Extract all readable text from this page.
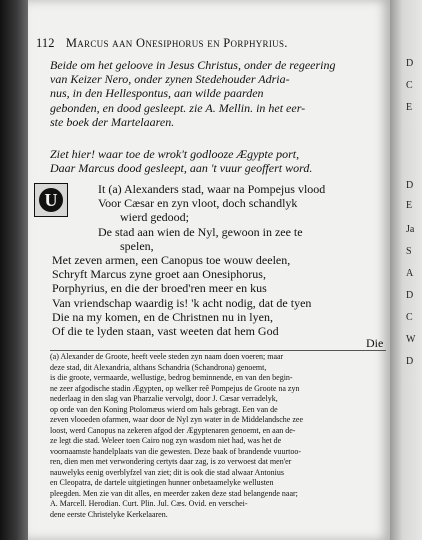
112 Marcus aan Onesiphorus en Porphyrius.
Beide om het geloove in Jesus Christus, onder de regeering
van Keizer Nero, onder zynen Stedehouder Adria-
nus, in den Hellespontus, aan wilde paarden
gebonden, en dood gesleept. zie A. Mellin. in het eer-
ste boek der Martelaaren.
Ziet hier! waar toe de wrok't godlooze Ægypte port,
Daar Marcus dood gesleept, aan 't vuur geoffert word.
It (a) Alexanders stad, waar na Pompejus vlood
Voor Cæsar en zyn vloot, doch schandlyk
wierd gedood;
De stad aan wien de Nyl, gewoon in zee te
spelen,
Met zeven armen, een Canopus toe wouw deelen,
Schryft Marcus zyne groet aan Onesiphorus,
Porphyrius, en die der broed'ren meer en kus
Van vriendschap waardig is! 'k acht nodig, dat de tyen
Die na my komen, en de Christnen nu in lyen,
Of die te lyden staan, vast weeten dat hem God
Die
(a) Alexander de Groote, heeft veele steden zyn naam doen voeren; maar
deze stad, dit Alexandria, althans Schandria (Schandrona) genoemt,
is die groote, vermaarde, wellustige, bedrog beminnende, en van den begin-
ne zeer afgodische stadin Ægypten, op welker reê Pompejus de Groote na zyn
nederlaag in den slag van Pharzalie vervolgt, door J. Cæsar verradelyk,
op orde van den Koning Ptolomæus wierd om hals gebragt. Een van de
zeven vlooeden ofarmen, waar door de Nyl zyn water in de Middelandsche zee
loost, werd Canopus na zekeren afgod der Ægyptenaren genoemt, en aan de-
ze legt die stad. Weleer toen Cairo nog zyn wasdom niet had, was het de
voornaamste handelplaats van die gewesten. Deze baak of brandende vuurtoo-
ren, dien men met verwondering certyts daar zag, is zo verwoest dat men'er
nauwelyks eenig overblyfzel van ziet; dit is ook die stad alwaar Antonius
en Cleopatra, de dartele uitgietingen hunner onbetaamelyke wellusten
pleegden. Men zie van dit alles, en meerder zaken deze stad belangende naar;
A. Marcell. Herodian. Curt. Plin. Jul. Cæs. Ovid. en verschei-
dene eerste Christelyke Kerkelaaren.
U
D
C
E
D
E
Ja
S
A
D
C
W
D
